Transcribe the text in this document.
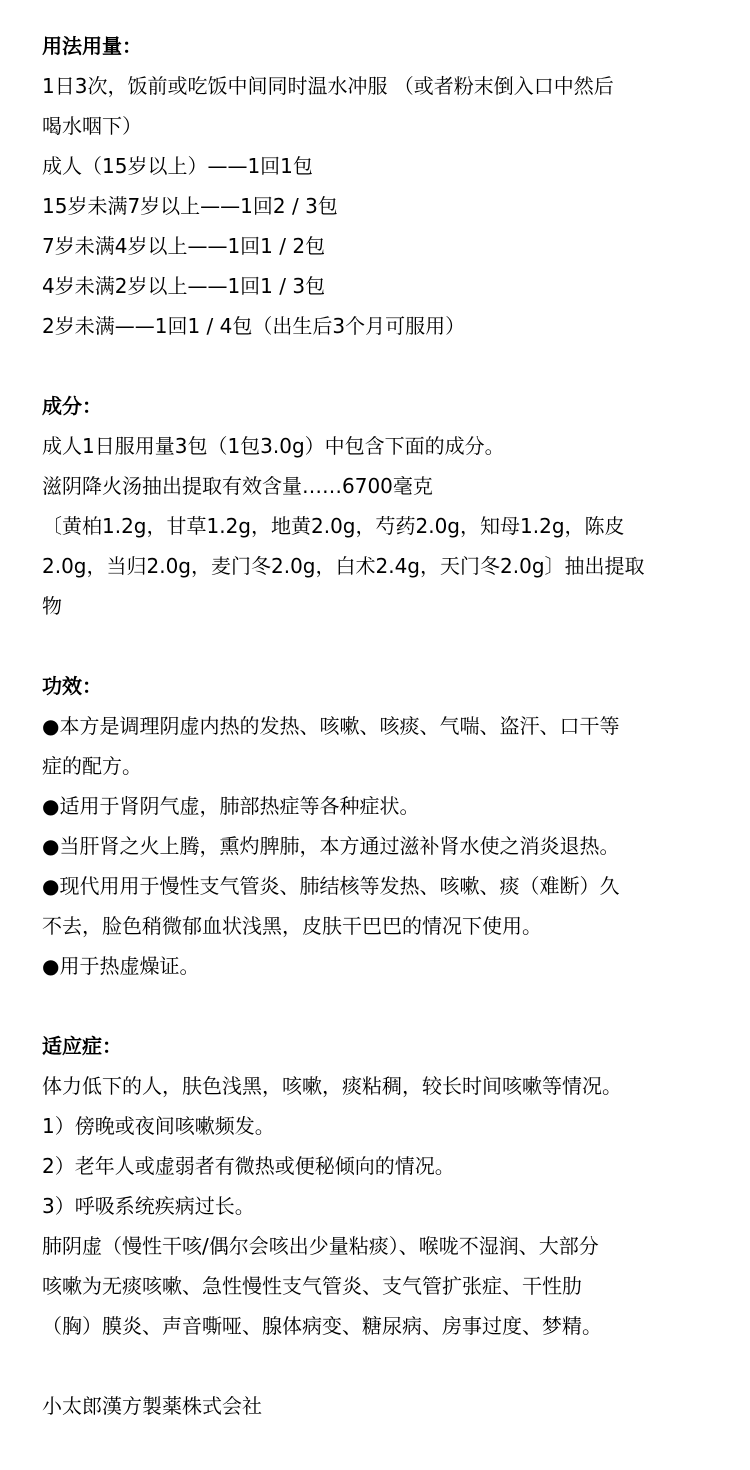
用法用量：
1日3次，饭前或吃饭中间同时温水冲服 （或者粉末倒入口中然后
喝水咽下）
成人（15岁以上）——1回1包
15岁未满7岁以上——1回2 / 3包
7岁未满4岁以上——1回1 / 2包
4岁未满2岁以上——1回1 / 3包
2岁未满——1回1 / 4包（出生后3个月可服用）
成分：
成人1日服用量3包（1包3.0g）中包含下面的成分。
滋阴降火汤抽出提取有效含量……6700毫克
〔黄柏1.2g，甘草1.2g，地黄2.0g，芍药2.0g，知母1.2g，陈皮
2.0g，当归2.0g，麦门冬2.0g，白术2.4g，天门冬2.0g〕抽出提取
物
功效：
●本方是调理阴虚内热的发热、咳嗽、咳痰、气喘、盗汗、口干等
症的配方。
●适用于肾阴气虚，肺部热症等各种症状。
●当肝肾之火上腾，熏灼脾肺，本方通过滋补肾水使之消炎退热。
●现代用用于慢性支气管炎、肺结核等发热、咳嗽、痰（难断）久
不去，脸色稍微郁血状浅黑，皮肤干巴巴的情况下使用。
●用于热虚燥证。
适应症：
体力低下的人，肤色浅黑，咳嗽，痰粘稠，较长时间咳嗽等情况。
1）傍晚或夜间咳嗽频发。
2）老年人或虚弱者有微热或便秘倾向的情况。
3）呼吸系统疾病过长。
肺阴虚（慢性干咳/偶尔会咳出少量粘痰）、喉咙不湿润、大部分
咳嗽为无痰咳嗽、急性慢性支气管炎、支气管扩张症、干性肋
（胸）膜炎、声音嘶哑、腺体病变、糖尿病、房事过度、梦精。
小太郎漢方製薬株式会社
